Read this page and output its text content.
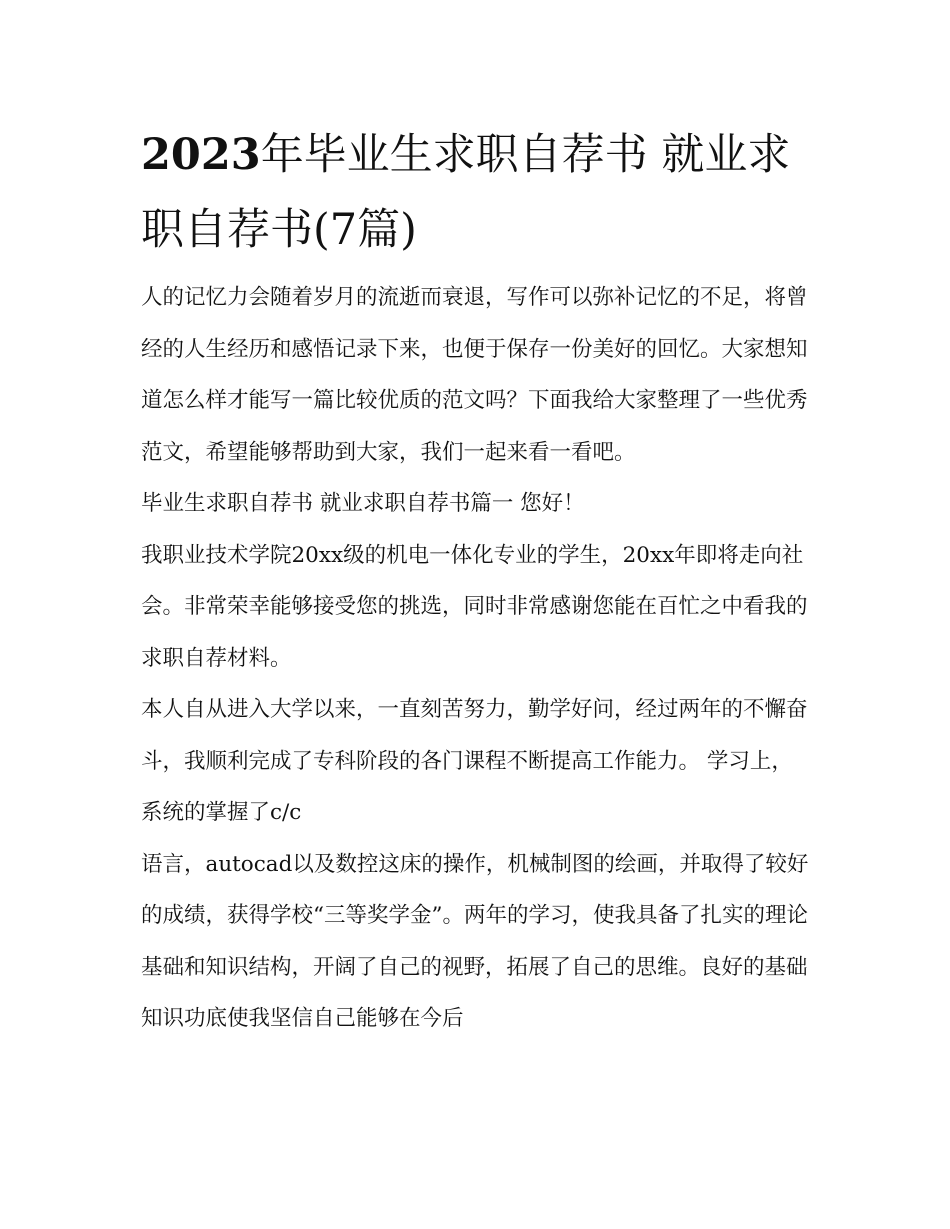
2023年毕业生求职自荐书 就业求职自荐书(7篇)

人的记忆力会随着岁月的流逝而衰退，写作可以弥补记忆的不足，将曾经的人生经历和感悟记录下来，也便于保存一份美好的回忆。大家想知道怎么样才能写一篇比较优质的范文吗？下面我给大家整理了一些优秀范文，希望能够帮助到大家，我们一起来看一看吧。

毕业生求职自荐书 就业求职自荐书篇一 您好！

我职业技术学院20xx级的机电一体化专业的学生，20xx年即将走向社会。非常荣幸能够接受您的挑选，同时非常感谢您能在百忙之中看我的求职自荐材料。

本人自从进入大学以来，一直刻苦努力，勤学好问，经过两年的不懈奋斗，我顺利完成了专科阶段的各门课程不断提高工作能力。 学习上，系统的掌握了c/c

语言，autocad以及数控这床的操作，机械制图的绘画，并取得了较好的成绩，获得学校“三等奖学金”。两年的学习，使我具备了扎实的理论基础和知识结构，开阔了自己的视野，拓展了自己的思维。良好的基础知识功底使我坚信自己能够在今后
